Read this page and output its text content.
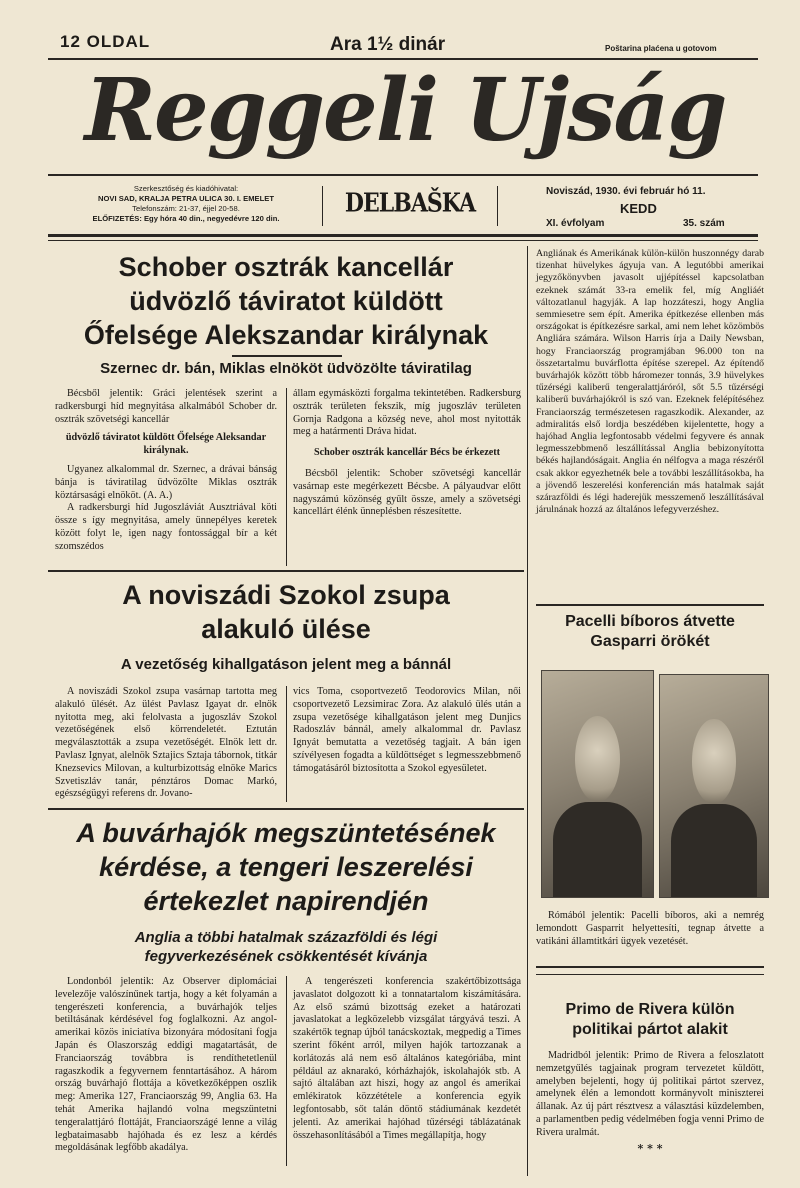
12 OLDAL	Ara 1½ dinár	Poštarina plaćena u gotovom
Reggeli Ujság
Szerkesztőség és kiadóhivatal:
NOVI SAD, KRALJA PETRA ULICA 30. I. EMELET
Telefonszám: 21-37, éjjel 20-58.
ELŐFIZETÉS: Egy hóra 40 din., negyedévre 120 din.	DELBAŠKA	Noviszád, 1930. évi február hó 11.
KEDD
XI. évfolyam	35. szám
Schober osztrák kancellár
üdvözlő táviratot küldött
Őfelsége Alekszandar királynak
Szernec dr. bán, Miklas elnököt üdvözölte táviratilag
Bécsből jelentik: Gráci jelentések szerint a radkersburgi híd megnyitása alkalmából Schober dr. osztrák szövetségi kancellár
üdvözlő táviratot küldött Őfelsége Aleksandar királynak.
Ugyanez alkalommal dr. Szernec, a drávai bánság bánja is táviratilag üdvözölte Miklas osztrák köztársasági elnököt. (A. A.)
A radkersburgi híd Jugoszláviát Ausztriával köti össze s így megnyitása, amely ünnepélyes keretek között folyt le, igen nagy fontossággal bír a két szomszédos
állam egymásközti forgalma tekintetében. Radkersburg osztrák területen fekszik, míg jugoszláv területen Gornja Radgona a község neve, ahol most nyitották meg a határmenti Dráva hidat.
Schober osztrák kancellár Bécs be érkezett
Bécsből jelentik: Schober szövetségi kancellár vasárnap este megérkezett Bécsbe. A pályaudvar előtt nagyszámú közönség gyűlt össze, amely a szövetségi kancellárt élénk ünneplésben részesítette.
A noviszádi Szokol zsupa
alakuló ülése
A vezetőség kihallgatáson jelent meg a bánnál
A noviszádi Szokol zsupa vasárnap tartotta meg alakuló ülését. Az ülést Pavlasz Igayat dr. elnök nyitotta meg, aki felolvasta a jugoszláv Szokol vezetőségének első körrendeletét. Eztután megválasztották a zsupa vezetőségét. Elnök lett dr. Pavlasz Ignyat, alelnök Sztajics Sztaja tábornok, titkár Knezsevics Milovan, a kulturbizottság elnöke Marics Szvetiszláv tanár, pénztáros Domac Markó, egészségügyi referens dr. Jovano-
vics Toma, csoportvezető Teodorovics Milan, női csoportvezető Lezsimirac Zora. Az alakuló ülés után a zsupa vezetősége kihallgatáson jelent meg Dunjics Radoszláv bánnál, amely alkalommal dr. Pavlasz Ignyát bemutatta a vezetőség tagjait. A bán igen szívélyesen fogadta a küldöttséget s legmesszebbmenő támogatásáról biztosította a Szokol egyesületet.
A buvárhajók megszüntetésének
kérdése, a tengeri leszerelési
értekezlet napirendjén
Anglia a többi hatalmak százazföldi és légi fegyverkezésének csökkentését kívánja
Londonból jelentik: Az Observer diplomáciai levelezője valószínűnek tartja, hogy a két folyamán a tengerészeti konferencia, a buvárhajók teljes betiltásának kérdésével fog foglalkozni. Az angol-amerikai közös iniciatíva bizonyára módosítani fogja Japán és Olaszország eddigi magatartását, de Franciaország továbbra is rendíthetetlenül ragaszkodik a fegyvernem fenntartásához. A három ország buvárhajó flottája a következőképpen oszlik meg: Amerika 127, Franciaország 99, Anglia 63. Ha tehát Amerika hajlandó volna megszüntetni tengeralattjáró flottáját, Franciaországé lenne a világ legbataimasabb hajóhada és ez lesz a kérdés megoldásának legfőbb akadálya.
A tengerészeti konferencia szakértőbizottsága javaslatot dolgozott ki a tonnatartalom kiszámítására. Az első számú bizottság ezeket a határozati javaslatokat a legközelebb vizsgálat tárgyává teszi. A szakértők tegnap újból tanácskoztak, megpedig a Times szerint főként arról, milyen hajók tartozzanak a korlátozás alá nem eső általános kategóriába, mint például az aknarakó, kórházhajók, iskolahajók stb. A sajtó általában azt hiszi, hogy az angol és amerikai emlékiratok közzététele a konferencia egyik legfontosabb, sőt talán döntő stádiumának kezdetét jelenti. Az amerikai hajóhad tűzérségi táblázatának összehasonlításából a Times megállapítja, hogy
Angliának és Amerikának külön-külön huszonnégy darab tizenhat hüvelykes ágyuja van. A legutóbbi amerikai jegyzőkönyvben javasolt ujjépítéssel kapcsolatban ezeknek számát 33-ra emelik fel, míg Angliáét változatlanul hagyják. A lap hozzáteszi, hogy Anglia semmiesetre sem épít. Amerika építkezése ellenben más országokat is építkezésre sarkal, ami nem lehet közömbös Angliára számára. Wilson Harris írja a Daily Newsban, hogy Franciaország programjában 96.000 ton na összetartalmu buvárflotta építése szerepel. Az építendő buvárhajók között több háromezer tonnás, 3.9 hüvelykes tűzérségi kaliberű tengeralattjáróról, sőt 5.5 tűzérségi kaliberű buvárhajókról is szó van. Ezeknek felépítéséhez Franciaország természetesen ragaszkodik. Alexander, az admiralitás első lordja beszédében kijelentette, hogy a hajóhad Anglia legfontosabb védelmi fegyvere és annak legmesszebbmenő leszállítással Anglia bebizonyította békés hajlandóságait. Anglia én nélfogva a maga részéről csak akkor egyezhetnék bele a további leszállításokba, ha a jövendő leszerelési konferencián más hatalmak saját szárazföldi és légi haderejük messzemenő leszállításával járulnának hozzá az általános lefegyverzéshez.
Pacelli bíboros átvette
Gasparri örökét
Rómából jelentik: Pacelli bíboros, aki a nemrég lemondott Gasparrit helyettesíti, tegnap átvette a vatikáni államtitkári ügyek vezetését.
Primo de Rivera külön
politikai pártot alakit
Madridból jelentik: Primo de Rivera a feloszlatott nemzetgyűlés tagjainak program tervezetet küldött, amelyben bejelenti, hogy új politikai pártot szervez, amelynek élén a lemondott kormányvolt miniszterei állanak. Az új párt résztvesz a választási küzdelemben, a parlamentben pedig védelmében fogja venni Primo de Rivera uralmát.
* * *
